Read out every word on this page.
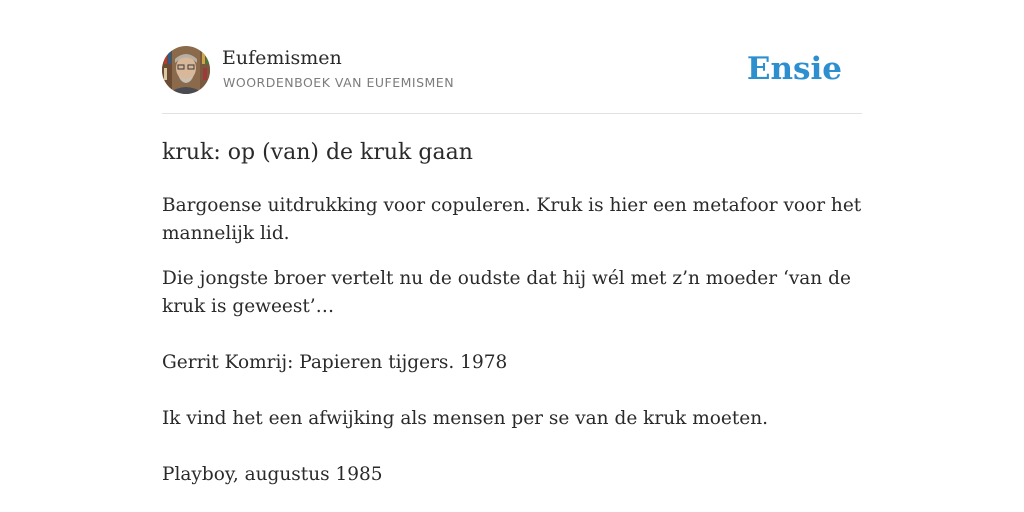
Eufemismen
WOORDENBOEK VAN EUFEMISMEN	Ensie
kruk: op (van) de kruk gaan

Bargoense uitdrukking voor copuleren. Kruk is hier een metafoor voor het mannelijk lid.

Die jongste broer vertelt nu de oudste dat hij wél met z’n moeder ‘van de kruk is geweest’…

Gerrit Komrij: Papieren tijgers. 1978

Ik vind het een afwijking als mensen per se van de kruk moeten.

Playboy, augustus 1985
